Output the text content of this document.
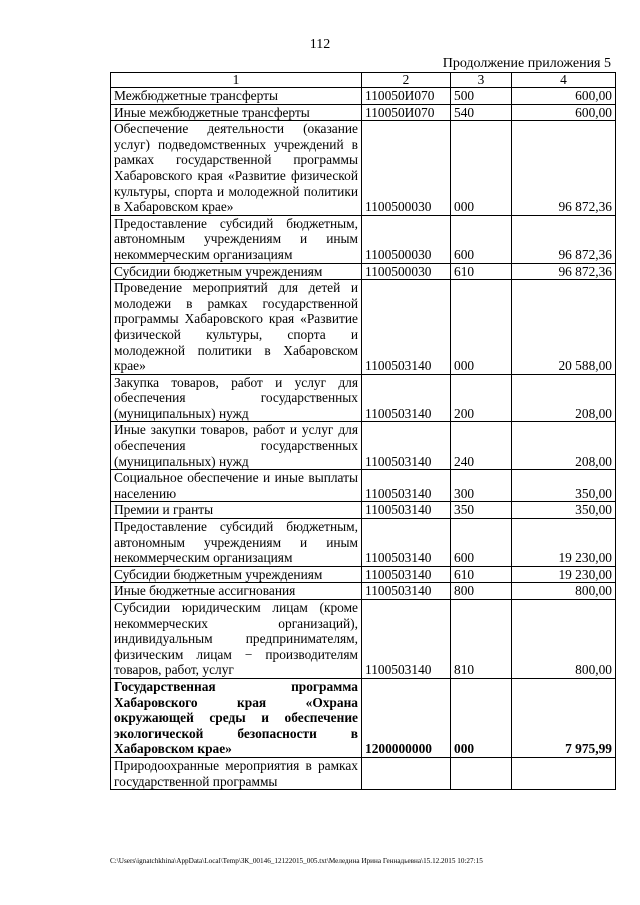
112
Продолжение приложения 5
1	2	3	4
Межбюджетные трансферты	110050И070	500	600,00
Иные межбюджетные трансферты	110050И070	540	600,00
Обеспечение деятельности (оказание услуг) подведомственных учреждений в рамках государственной программы Хабаровского края «Развитие физической культуры, спорта и молодежной политики в Хабаровском крае»	1100500030	000	96 872,36
Предоставление субсидий бюджетным, автономным учреждениям и иным некоммерческим организациям	1100500030	600	96 872,36
Субсидии бюджетным учреждениям	1100500030	610	96 872,36
Проведение мероприятий для детей и молодежи в рамках государственной программы Хабаровского края «Развитие физической культуры, спорта и молодежной политики в Хабаровском крае»	1100503140	000	20 588,00
Закупка товаров, работ и услуг для обеспечения государственных (муниципальных) нужд	1100503140	200	208,00
Иные закупки товаров, работ и услуг для обеспечения государственных (муниципальных) нужд	1100503140	240	208,00
Социальное обеспечение и иные выплаты населению	1100503140	300	350,00
Премии и гранты	1100503140	350	350,00
Предоставление субсидий бюджетным, автономным учреждениям и иным некоммерческим организациям	1100503140	600	19 230,00
Субсидии бюджетным учреждениям	1100503140	610	19 230,00
Иные бюджетные ассигнования	1100503140	800	800,00
Субсидии юридическим лицам (кроме некоммерческих организаций), индивидуальным предпринимателям, физическим лицам − производителям товаров, работ, услуг	1100503140	810	800,00
Государственная программа Хабаровского края «Охрана окружающей среды и обеспечение экологической безопасности в Хабаровском крае»	1200000000	000	7 975,99
Природоохранные мероприятия в рамках государственной программы			
C:\Users\ignatchkhina\AppData\Local\Temp\ЗК_00146_12122015_005.txt\Меледина Ирина Геннадьевна\15.12.2015 10:27:15
